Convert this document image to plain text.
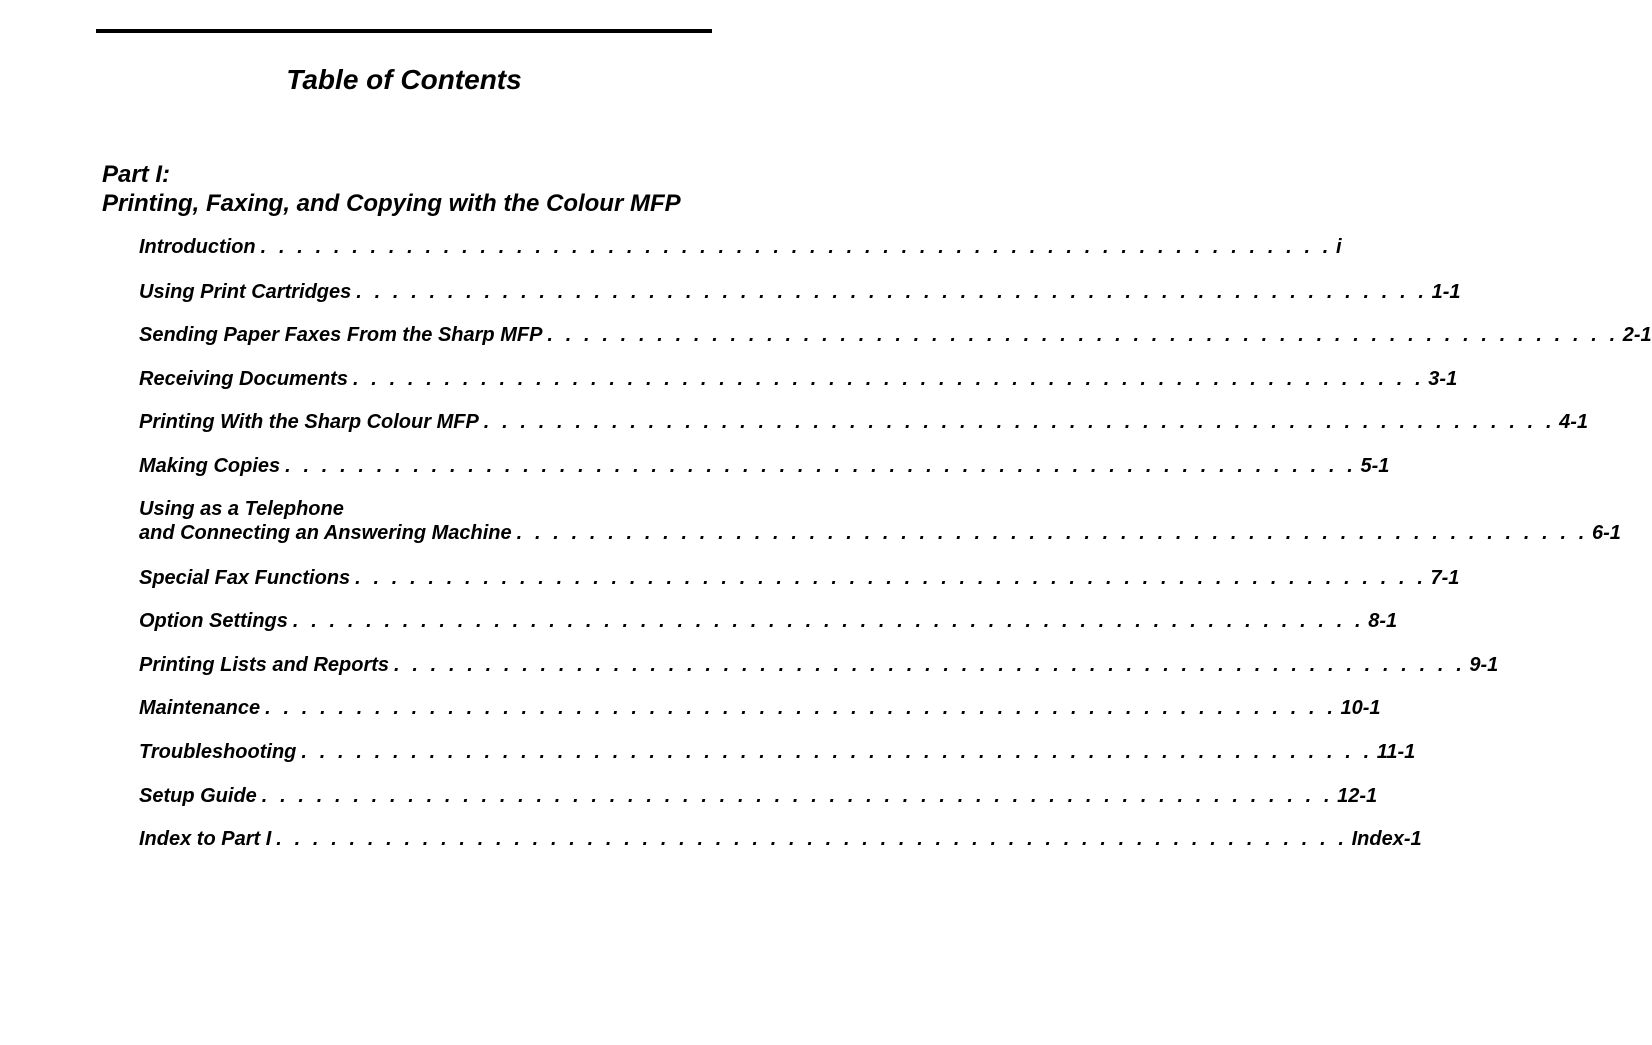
Table of Contents
Part I:
Printing, Faxing, and Copying with the Colour MFP
Introduction . . . . . . . . . . . . . . . . . . . . . . . . . . . . . . . . . . . . . . . . . . . . . . . . . . . . . . . . . . . i
Using Print Cartridges . . . . . . . . . . . . . . . . . . . . . . . . . . . . . . . . . . . . . . . . . . . . . . . . . . . . . . . . . . . 1-1
Sending Paper Faxes From the Sharp MFP . . . . . . . . . . . . . . . . . . . . . . . . . . . . . . . . . . . . . . . . . . . . . . . . . . . . . . . . . . . 2-1
Receiving Documents . . . . . . . . . . . . . . . . . . . . . . . . . . . . . . . . . . . . . . . . . . . . . . . . . . . . . . . . . . . 3-1
Printing With the Sharp Colour MFP . . . . . . . . . . . . . . . . . . . . . . . . . . . . . . . . . . . . . . . . . . . . . . . . . . . . . . . . . . . 4-1
Making Copies . . . . . . . . . . . . . . . . . . . . . . . . . . . . . . . . . . . . . . . . . . . . . . . . . . . . . . . . . . . 5-1
Using as a Telephone
and Connecting an Answering Machine . . . . . . . . . . . . . . . . . . . . . . . . . . . . . . . . . . . . . . . . . . . . . . . . . . . . . . . . . . . 6-1
Special Fax Functions . . . . . . . . . . . . . . . . . . . . . . . . . . . . . . . . . . . . . . . . . . . . . . . . . . . . . . . . . . . 7-1
Option Settings . . . . . . . . . . . . . . . . . . . . . . . . . . . . . . . . . . . . . . . . . . . . . . . . . . . . . . . . . . . 8-1
Printing Lists and Reports . . . . . . . . . . . . . . . . . . . . . . . . . . . . . . . . . . . . . . . . . . . . . . . . . . . . . . . . . . . 9-1
Maintenance . . . . . . . . . . . . . . . . . . . . . . . . . . . . . . . . . . . . . . . . . . . . . . . . . . . . . . . . . . . 10-1
Troubleshooting . . . . . . . . . . . . . . . . . . . . . . . . . . . . . . . . . . . . . . . . . . . . . . . . . . . . . . . . . . . 11-1
Setup Guide . . . . . . . . . . . . . . . . . . . . . . . . . . . . . . . . . . . . . . . . . . . . . . . . . . . . . . . . . . . 12-1
Index to Part I . . . . . . . . . . . . . . . . . . . . . . . . . . . . . . . . . . . . . . . . . . . . . . . . . . . . . . . . . . . Index-1
